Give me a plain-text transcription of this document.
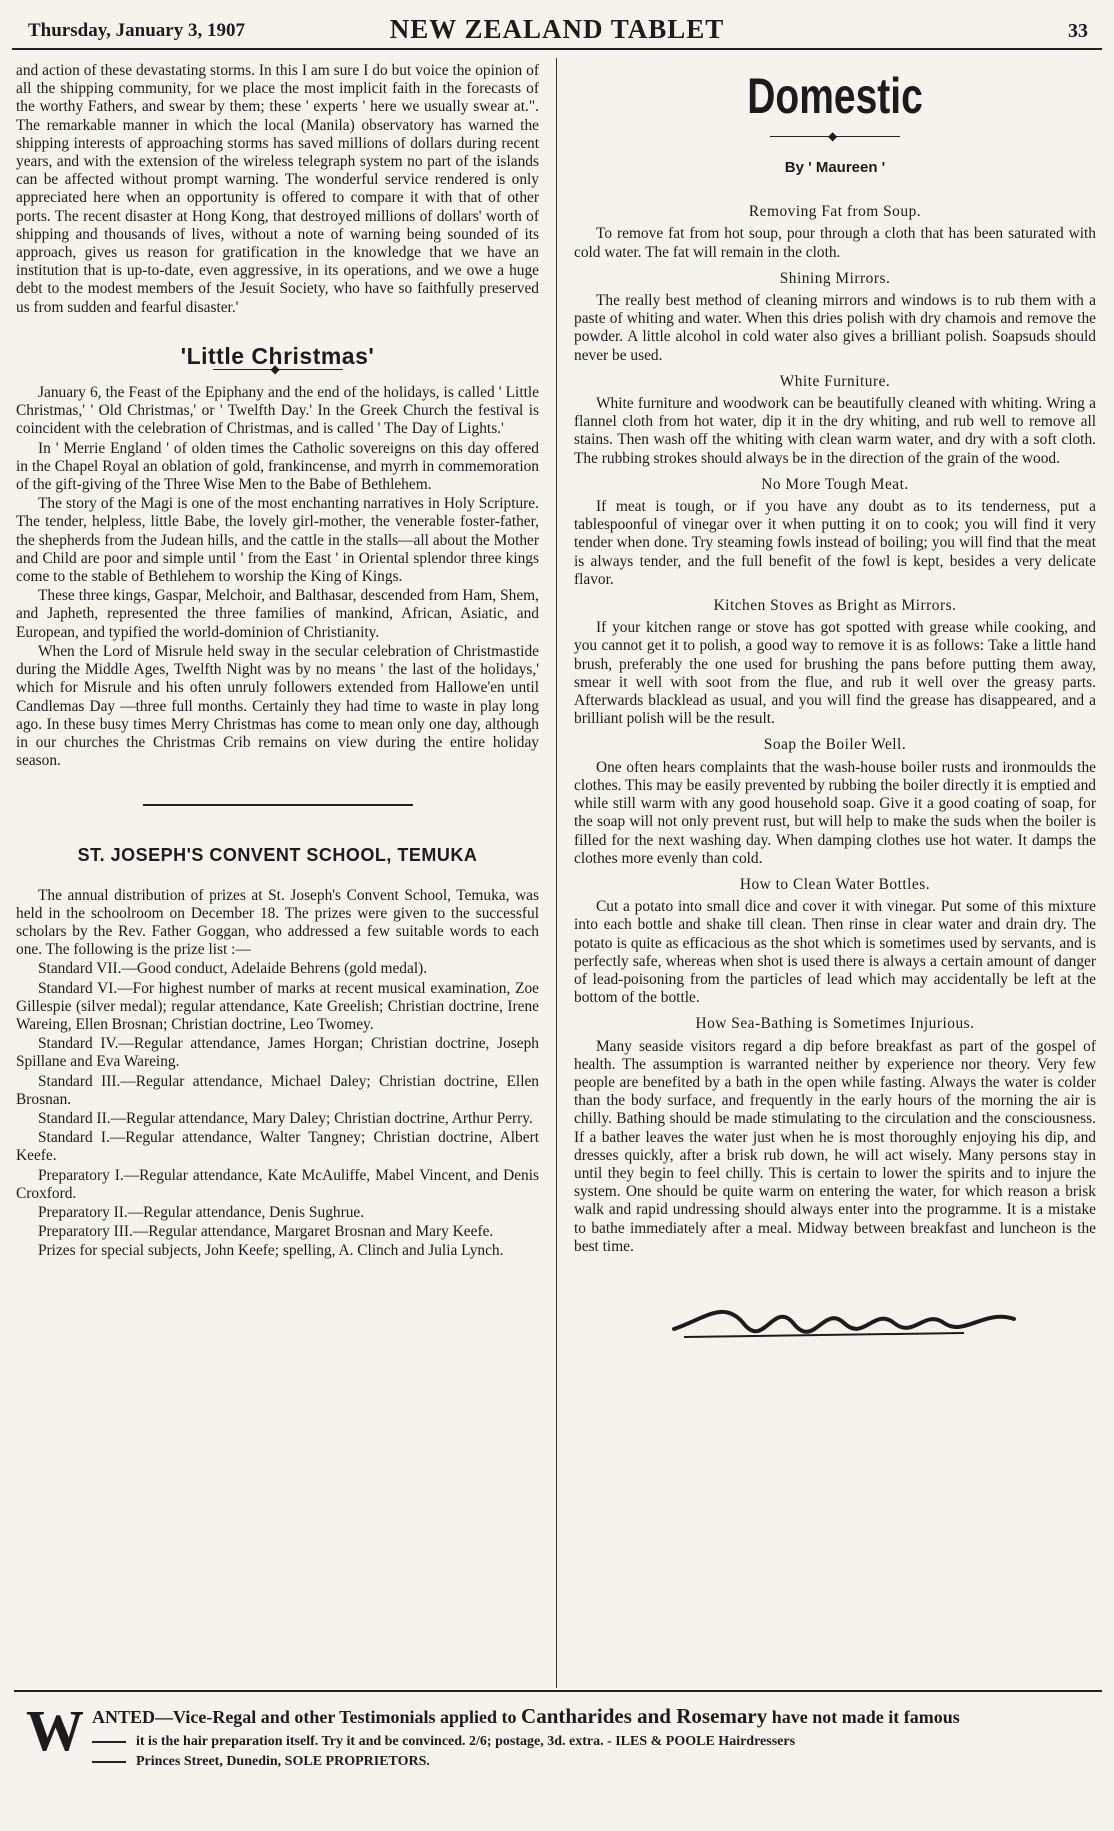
Thursday, January 3, 1907	NEW ZEALAND TABLET	33

and action of these devastating storms. In this I am sure I do but voice the opinion of all the shipping community, for we place the most implicit faith in the forecasts of the worthy Fathers, and swear by them; these ' experts ' here we usually swear at.". The remarkable manner in which the local (Manila) observatory has warned the shipping interests of approaching storms has saved millions of dollars during recent years, and with the extension of the wireless telegraph system no part of the islands can be affected without prompt warning. The wonderful service rendered is only appreciated here when an opportunity is offered to compare it with that of other ports. The recent disaster at Hong Kong, that destroyed millions of dollars' worth of shipping and thousands of lives, without a note of warning being sounded of its approach, gives us reason for gratification in the knowledge that we have an institution that is up-to-date, even aggressive, in its operations, and we owe a huge debt to the modest members of the Jesuit Society, who have so faithfully preserved us from sudden and fearful disaster.'

'Little Christmas'
◆

January 6, the Feast of the Epiphany and the end of the holidays, is called ' Little Christmas,' ' Old Christmas,' or ' Twelfth Day.' In the Greek Church the festival is coincident with the celebration of Christmas, and is called ' The Day of Lights.'

In ' Merrie England ' of olden times the Catholic sovereigns on this day offered in the Chapel Royal an oblation of gold, frankincense, and myrrh in commemoration of the gift-giving of the Three Wise Men to the Babe of Bethlehem.

The story of the Magi is one of the most enchanting narratives in Holy Scripture. The tender, helpless, little Babe, the lovely girl-mother, the venerable foster-father, the shepherds from the Judean hills, and the cattle in the stalls—all about the Mother and Child are poor and simple until ' from the East ' in Oriental splendor three kings come to the stable of Bethlehem to worship the King of Kings.

These three kings, Gaspar, Melchoir, and Balthasar, descended from Ham, Shem, and Japheth, represented the three families of mankind, African, Asiatic, and European, and typified the world-dominion of Christianity.

When the Lord of Misrule held sway in the secular celebration of Christmastide during the Middle Ages, Twelfth Night was by no means ' the last of the holidays,' which for Misrule and his often unruly followers extended from Hallowe'en until Candlemas Day —three full months. Certainly they had time to waste in play long ago. In these busy times Merry Christmas has come to mean only one day, although in our churches the Christmas Crib remains on view during the entire holiday season.

ST. JOSEPH'S CONVENT SCHOOL, TEMUKA

The annual distribution of prizes at St. Joseph's Convent School, Temuka, was held in the schoolroom on December 18. The prizes were given to the successful scholars by the Rev. Father Goggan, who addressed a few suitable words to each one. The following is the prize list :—

Standard VII.—Good conduct, Adelaide Behrens (gold medal).

Standard VI.—For highest number of marks at recent musical examination, Zoe Gillespie (silver medal); regular attendance, Kate Greelish; Christian doctrine, Irene Wareing, Ellen Brosnan; Christian doctrine, Leo Twomey.

Standard IV.—Regular attendance, James Horgan; Christian doctrine, Joseph Spillane and Eva Wareing.

Standard III.—Regular attendance, Michael Daley; Christian doctrine, Ellen Brosnan.

Standard II.—Regular attendance, Mary Daley; Christian doctrine, Arthur Perry.

Standard I.—Regular attendance, Walter Tangney; Christian doctrine, Albert Keefe.

Preparatory I.—Regular attendance, Kate McAuliffe, Mabel Vincent, and Denis Croxford.

Preparatory II.—Regular attendance, Denis Sughrue.

Preparatory III.—Regular attendance, Margaret Brosnan and Mary Keefe.

Prizes for special subjects, John Keefe; spelling, A. Clinch and Julia Lynch.

Domestic
◆
By ' Maureen '
Removing Fat from Soup.

To remove fat from hot soup, pour through a cloth that has been saturated with cold water. The fat will remain in the cloth.

Shining Mirrors.

The really best method of cleaning mirrors and windows is to rub them with a paste of whiting and water. When this dries polish with dry chamois and remove the powder. A little alcohol in cold water also gives a brilliant polish. Soapsuds should never be used.

White Furniture.

White furniture and woodwork can be beautifully cleaned with whiting. Wring a flannel cloth from hot water, dip it in the dry whiting, and rub well to remove all stains. Then wash off the whiting with clean warm water, and dry with a soft cloth. The rubbing strokes should always be in the direction of the grain of the wood.

No More Tough Meat.

If meat is tough, or if you have any doubt as to its tenderness, put a tablespoonful of vinegar over it when putting it on to cook; you will find it very tender when done. Try steaming fowls instead of boiling; you will find that the meat is always tender, and the full benefit of the fowl is kept, besides a very delicate flavor.

Kitchen Stoves as Bright as Mirrors.

If your kitchen range or stove has got spotted with grease while cooking, and you cannot get it to polish, a good way to remove it is as follows: Take a little hand brush, preferably the one used for brushing the pans before putting them away, smear it well with soot from the flue, and rub it well over the greasy parts. Afterwards blacklead as usual, and you will find the grease has disappeared, and a brilliant polish will be the result.

Soap the Boiler Well.

One often hears complaints that the wash-house boiler rusts and ironmoulds the clothes. This may be easily prevented by rubbing the boiler directly it is emptied and while still warm with any good household soap. Give it a good coating of soap, for the soap will not only prevent rust, but will help to make the suds when the boiler is filled for the next washing day. When damping clothes use hot water. It damps the clothes more evenly than cold.

How to Clean Water Bottles.

Cut a potato into small dice and cover it with vinegar. Put some of this mixture into each bottle and shake till clean. Then rinse in clear water and drain dry. The potato is quite as efficacious as the shot which is sometimes used by servants, and is perfectly safe, whereas when shot is used there is always a certain amount of danger of lead-poisoning from the particles of lead which may accidentally be left at the bottom of the bottle.

How Sea-Bathing is Sometimes Injurious.

Many seaside visitors regard a dip before breakfast as part of the gospel of health. The assumption is warranted neither by experience nor theory. Very few people are benefited by a bath in the open while fasting. Always the water is colder than the body surface, and frequently in the early hours of the morning the air is chilly. Bathing should be made stimulating to the circulation and the consciousness. If a bather leaves the water just when he is most thoroughly enjoying his dip, and dresses quickly, after a brisk rub down, he will act wisely. Many persons stay in until they begin to feel chilly. This is certain to lower the spirits and to injure the system. One should be quite warm on entering the water, for which reason a brisk walk and rapid undressing should always enter into the programme. It is a mistake to bathe immediately after a meal. Midway between breakfast and luncheon is the best time.

W ANTED—Vice-Regal and other Testimonials applied to Cantharides and Rosemary have not made it famous
it is the hair preparation itself. Try it and be convinced. 2/6; postage, 3d. extra. - ILES & POOLE Hairdressers
Princes Street, Dunedin, SOLE PROPRIETORS.
